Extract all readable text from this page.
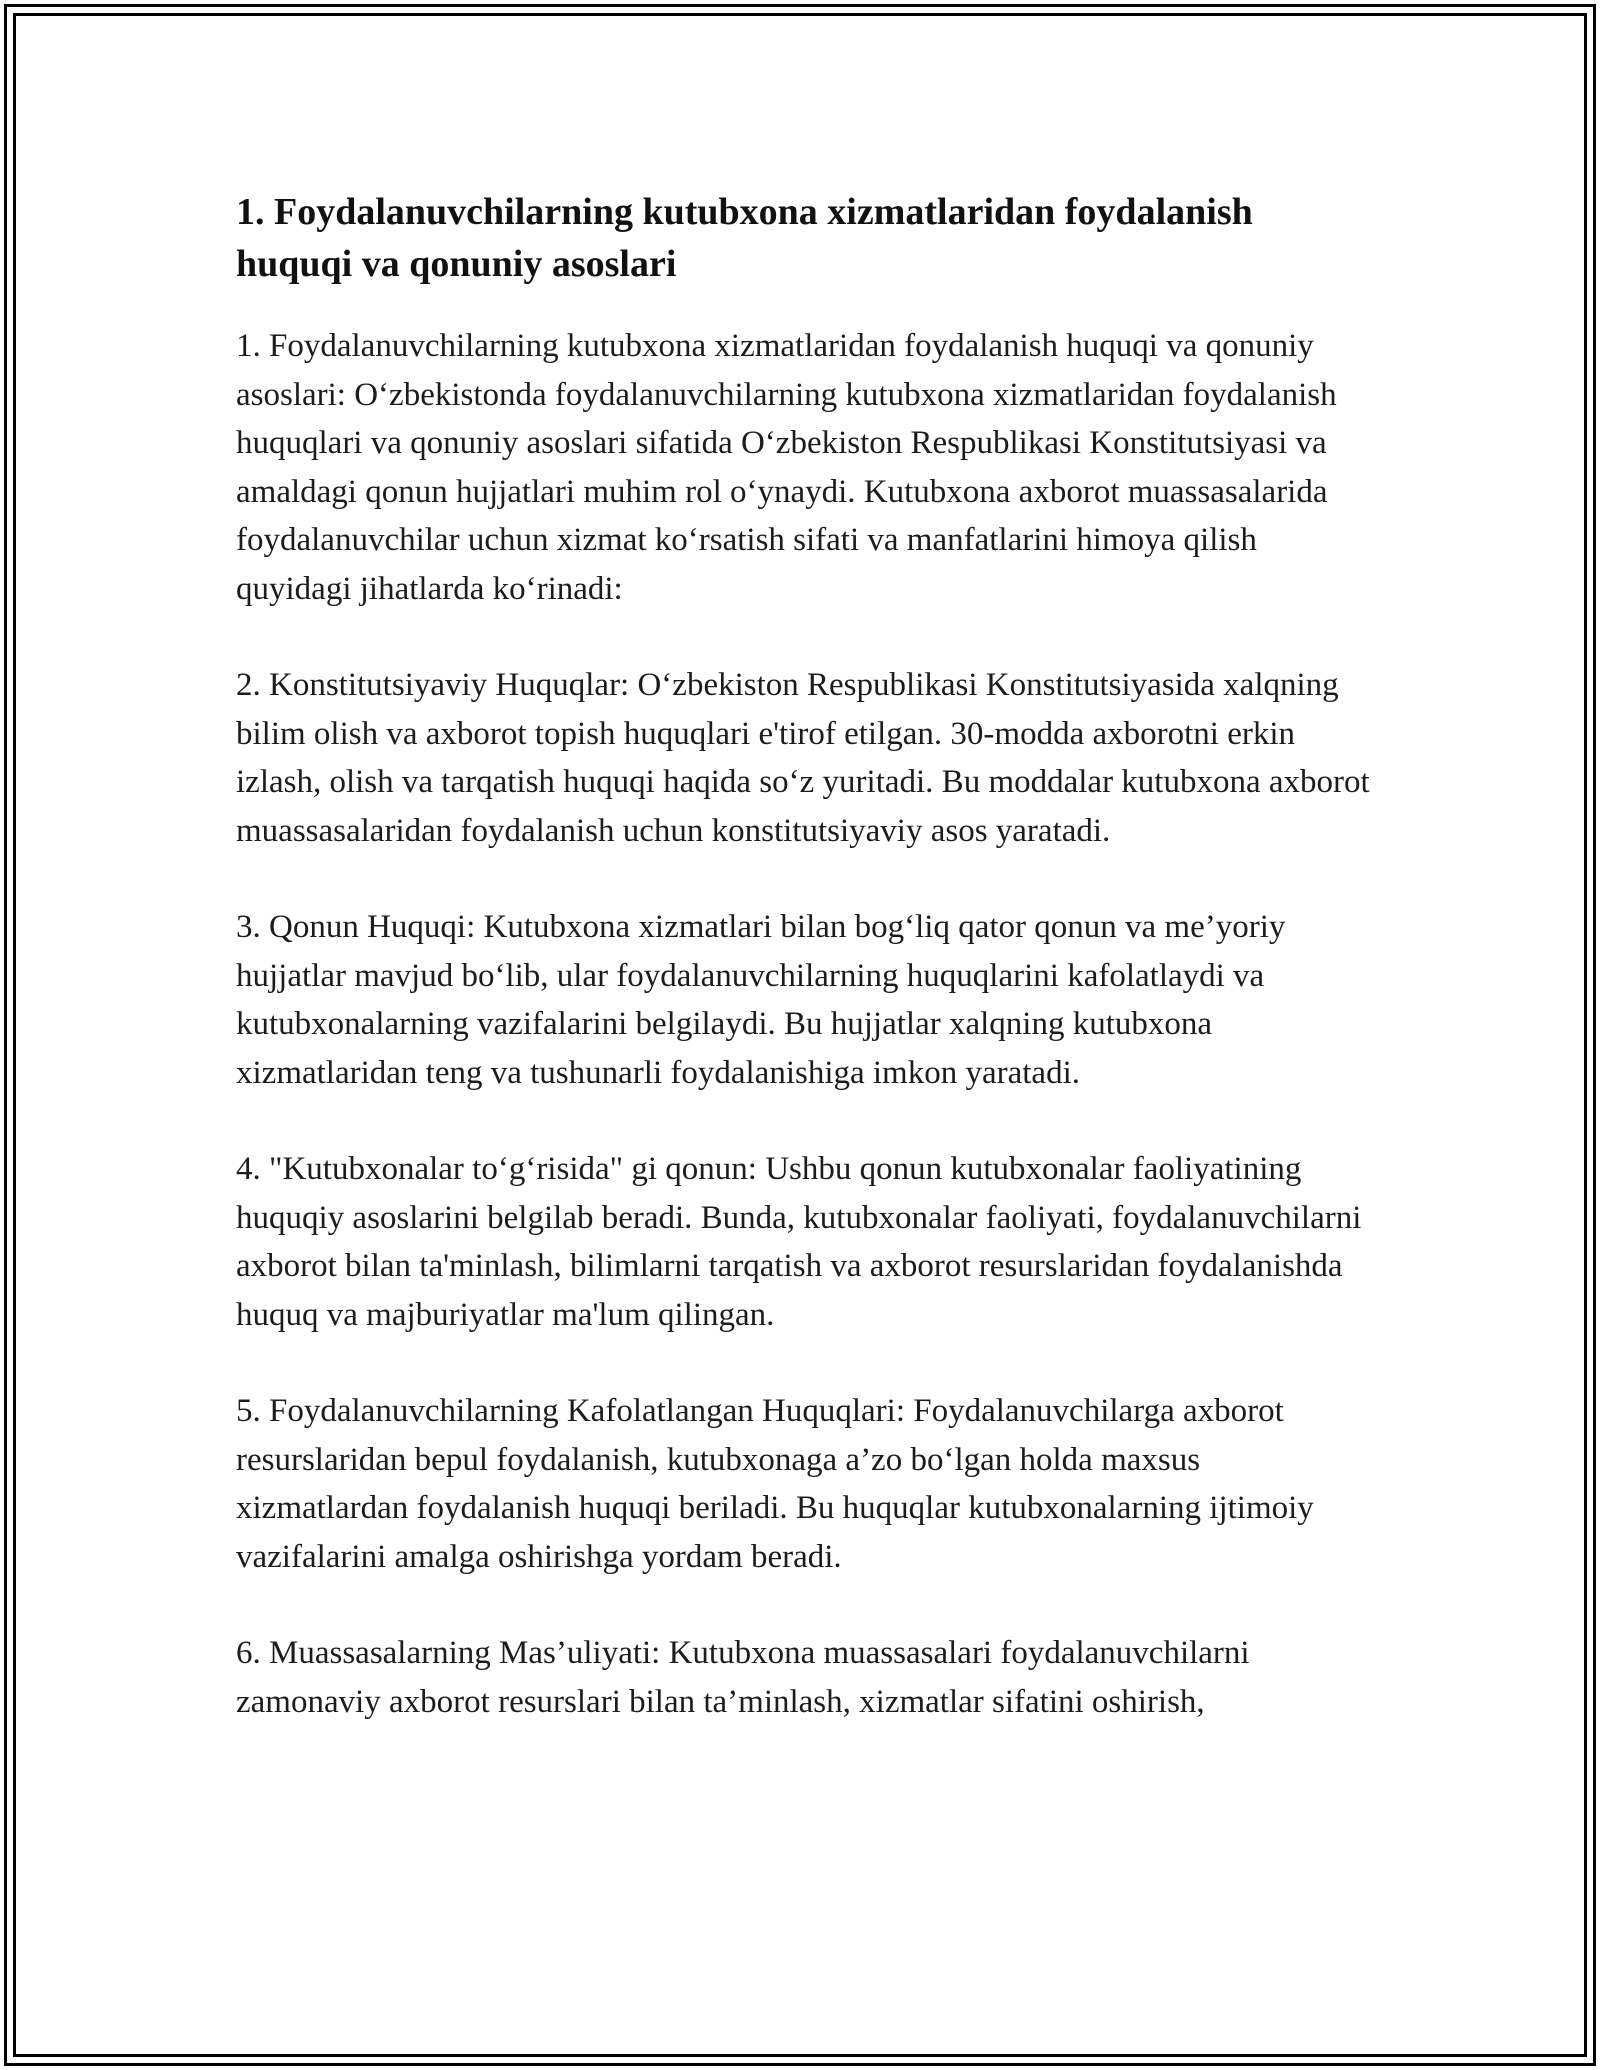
1. Foydalanuvchilarning kutubxona xizmatlaridan foydalanish huquqi va qonuniy asoslari

1. Foydalanuvchilarning kutubxona xizmatlaridan foydalanish huquqi va qonuniy asoslari: O‘zbekistonda foydalanuvchilarning kutubxona xizmatlaridan foydalanish huquqlari va qonuniy asoslari sifatida O‘zbekiston Respublikasi Konstitutsiyasi va amaldagi qonun hujjatlari muhim rol o‘ynaydi. Kutubxona axborot muassasalarida foydalanuvchilar uchun xizmat ko‘rsatish sifati va manfatlarini himoya qilish quyidagi jihatlarda ko‘rinadi:

2. Konstitutsiyaviy Huquqlar: O‘zbekiston Respublikasi Konstitutsiyasida xalqning bilim olish va axborot topish huquqlari e'tirof etilgan. 30-modda axborotni erkin izlash, olish va tarqatish huquqi haqida so‘z yuritadi. Bu moddalar kutubxona axborot muassasalaridan foydalanish uchun konstitutsiyaviy asos yaratadi.

3. Qonun Huquqi: Kutubxona xizmatlari bilan bog‘liq qator qonun va me’yoriy hujjatlar mavjud bo‘lib, ular foydalanuvchilarning huquqlarini kafolatlaydi va kutubxonalarning vazifalarini belgilaydi. Bu hujjatlar xalqning kutubxona xizmatlaridan teng va tushunarli foydalanishiga imkon yaratadi.

4. "Kutubxonalar to‘g‘risida" gi qonun: Ushbu qonun kutubxonalar faoliyatining huquqiy asoslarini belgilab beradi. Bunda, kutubxonalar faoliyati, foydalanuvchilarni axborot bilan ta'minlash, bilimlarni tarqatish va axborot resurslaridan foydalanishda huquq va majburiyatlar ma'lum qilingan.

5. Foydalanuvchilarning Kafolatlangan Huquqlari: Foydalanuvchilarga axborot resurslaridan bepul foydalanish, kutubxonaga a’zo bo‘lgan holda maxsus xizmatlardan foydalanish huquqi beriladi. Bu huquqlar kutubxonalarning ijtimoiy vazifalarini amalga oshirishga yordam beradi.

6. Muassasalarning Mas’uliyati: Kutubxona muassasalari foydalanuvchilarni zamonaviy axborot resurslari bilan ta’minlash, xizmatlar sifatini oshirish,
